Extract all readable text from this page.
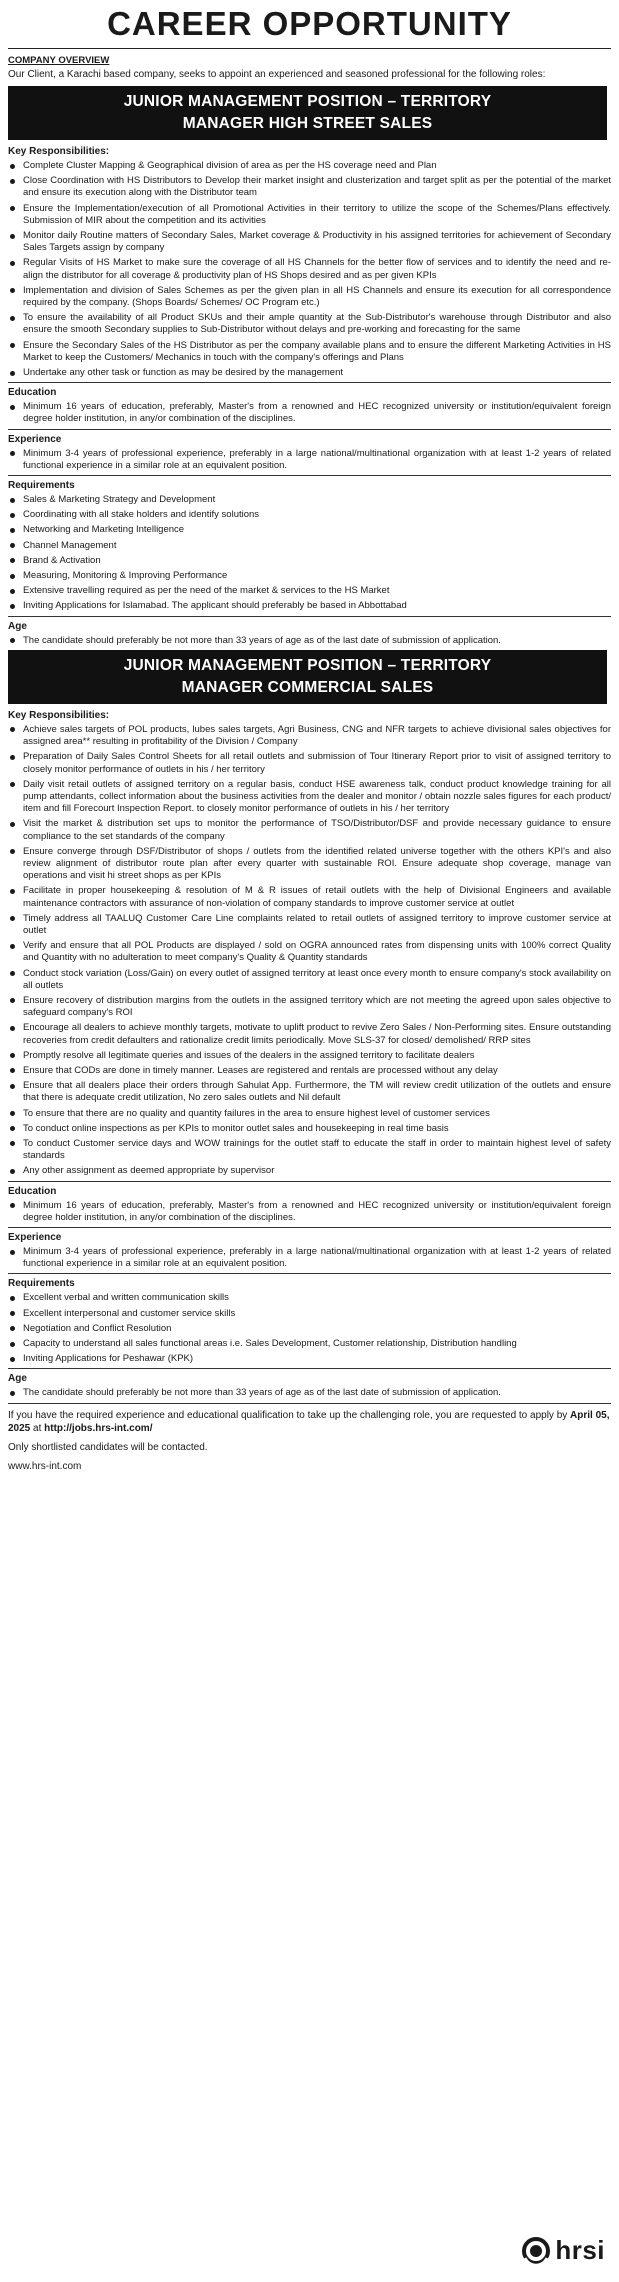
CAREER OPPORTUNITY
COMPANY OVERVIEW

Our Client, a Karachi based company, seeks to appoint an experienced and seasoned professional for the following roles:

JUNIOR MANAGEMENT POSITION – TERRITORY
MANAGER HIGH STREET SALES
Key Responsibilities:
Complete Cluster Mapping & Geographical division of area as per the HS coverage need and Plan
Close Coordination with HS Distributors to Develop their market insight and clusterization and target split as per the potential of the market and ensure its execution along with the Distributor team
Ensure the Implementation/execution of all Promotional Activities in their territory to utilize the scope of the Schemes/Plans effectively. Submission of MIR about the competition and its activities
Monitor daily Routine matters of Secondary Sales, Market coverage & Productivity in his assigned territories for achievement of Secondary Sales Targets assign by company
Regular Visits of HS Market to make sure the coverage of all HS Channels for the better flow of services and to identify the need and re-align the distributor for all coverage & productivity plan of HS Shops desired and as per given KPIs
Implementation and division of Sales Schemes as per the given plan in all HS Channels and ensure its execution for all correspondence required by the company. (Shops Boards/ Schemes/ OC Program etc.)
To ensure the availability of all Product SKUs and their ample quantity at the Sub-Distributor's warehouse through Distributor and also ensure the smooth Secondary supplies to Sub-Distributor without delays and pre-working and forecasting for the same
Ensure the Secondary Sales of the HS Distributor as per the company available plans and to ensure the different Marketing Activities in HS Market to keep the Customers/ Mechanics in touch with the company's offerings and Plans
Undertake any other task or function as may be desired by the management
Education
Minimum 16 years of education, preferably, Master's from a renowned and HEC recognized university or institution/equivalent foreign degree holder institution, in any/or combination of the disciplines.
Experience
Minimum 3-4 years of professional experience, preferably in a large national/multinational organization with at least 1-2 years of related functional experience in a similar role at an equivalent position.
Requirements
Sales & Marketing Strategy and Development
Coordinating with all stake holders and identify solutions
Networking and Marketing Intelligence
Channel Management
Brand & Activation
Measuring, Monitoring & Improving Performance
Extensive travelling required as per the need of the market & services to the HS Market
Inviting Applications for Islamabad. The applicant should preferably be based in Abbottabad
Age
The candidate should preferably be not more than 33 years of age as of the last date of submission of application.
JUNIOR MANAGEMENT POSITION – TERRITORY
MANAGER COMMERCIAL SALES
Key Responsibilities:
Achieve sales targets of POL products, lubes sales targets, Agri Business, CNG and NFR targets to achieve divisional sales objectives for assigned area** resulting in profitability of the Division / Company
Preparation of Daily Sales Control Sheets for all retail outlets and submission of Tour Itinerary Report prior to visit of assigned territory to closely monitor performance of outlets in his / her territory
Daily visit retail outlets of assigned territory on a regular basis, conduct HSE awareness talk, conduct product knowledge training for all pump attendants, collect information about the business activities from the dealer and monitor / obtain nozzle sales figures for each product/ item and fill Forecourt Inspection Report. to closely monitor performance of outlets in his / her territory
Visit the market & distribution set ups to monitor the performance of TSO/Distributor/DSF and provide necessary guidance to ensure compliance to the set standards of the company
Ensure converge through DSF/Distributor of shops / outlets from the identified related universe together with the others KPI's and also review alignment of distributor route plan after every quarter with sustainable ROI. Ensure adequate shop coverage, manage van operations and visit hi street shops as per KPIs
Facilitate in proper housekeeping & resolution of M & R issues of retail outlets with the help of Divisional Engineers and available maintenance contractors with assurance of non-violation of company standards to improve customer service at outlet
Timely address all TAALUQ Customer Care Line complaints related to retail outlets of assigned territory to improve customer service at outlet
Verify and ensure that all POL Products are displayed / sold on OGRA announced rates from dispensing units with 100% correct Quality and Quantity with no adulteration to meet company's Quality & Quantity standards
Conduct stock variation (Loss/Gain) on every outlet of assigned territory at least once every month to ensure company's stock availability on all outlets
Ensure recovery of distribution margins from the outlets in the assigned territory which are not meeting the agreed upon sales objective to safeguard company's ROI
Encourage all dealers to achieve monthly targets, motivate to uplift product to revive Zero Sales / Non-Performing sites. Ensure outstanding recoveries from credit defaulters and rationalize credit limits periodically. Move SLS-37 for closed/ demolished/ RRP sites
Promptly resolve all legitimate queries and issues of the dealers in the assigned territory to facilitate dealers
Ensure that CODs are done in timely manner. Leases are registered and rentals are processed without any delay
Ensure that all dealers place their orders through Sahulat App. Furthermore, the TM will review credit utilization of the outlets and ensure that there is adequate credit utilization, No zero sales outlets and Nil default
To ensure that there are no quality and quantity failures in the area to ensure highest level of customer services
To conduct online inspections as per KPIs to monitor outlet sales and housekeeping in real time basis
To conduct Customer service days and WOW trainings for the outlet staff to educate the staff in order to maintain highest level of safety standards
Any other assignment as deemed appropriate by supervisor
Education
Minimum 16 years of education, preferably, Master's from a renowned and HEC recognized university or institution/equivalent foreign degree holder institution, in any/or combination of the disciplines.
Experience
Minimum 3-4 years of professional experience, preferably in a large national/multinational organization with at least 1-2 years of related functional experience in a similar role at an equivalent position.
Requirements
Excellent verbal and written communication skills
Excellent interpersonal and customer service skills
Negotiation and Conflict Resolution
Capacity to understand all sales functional areas i.e. Sales Development, Customer relationship, Distribution handling
Inviting Applications for Peshawar (KPK)
Age
The candidate should preferably be not more than 33 years of age as of the last date of submission of application.

If you have the required experience and educational qualification to take up the challenging role, you are requested to apply by April 05, 2025 at http://jobs.hrs-int.com/

Only shortlisted candidates will be contacted.

www.hrs-int.com
hrsi
